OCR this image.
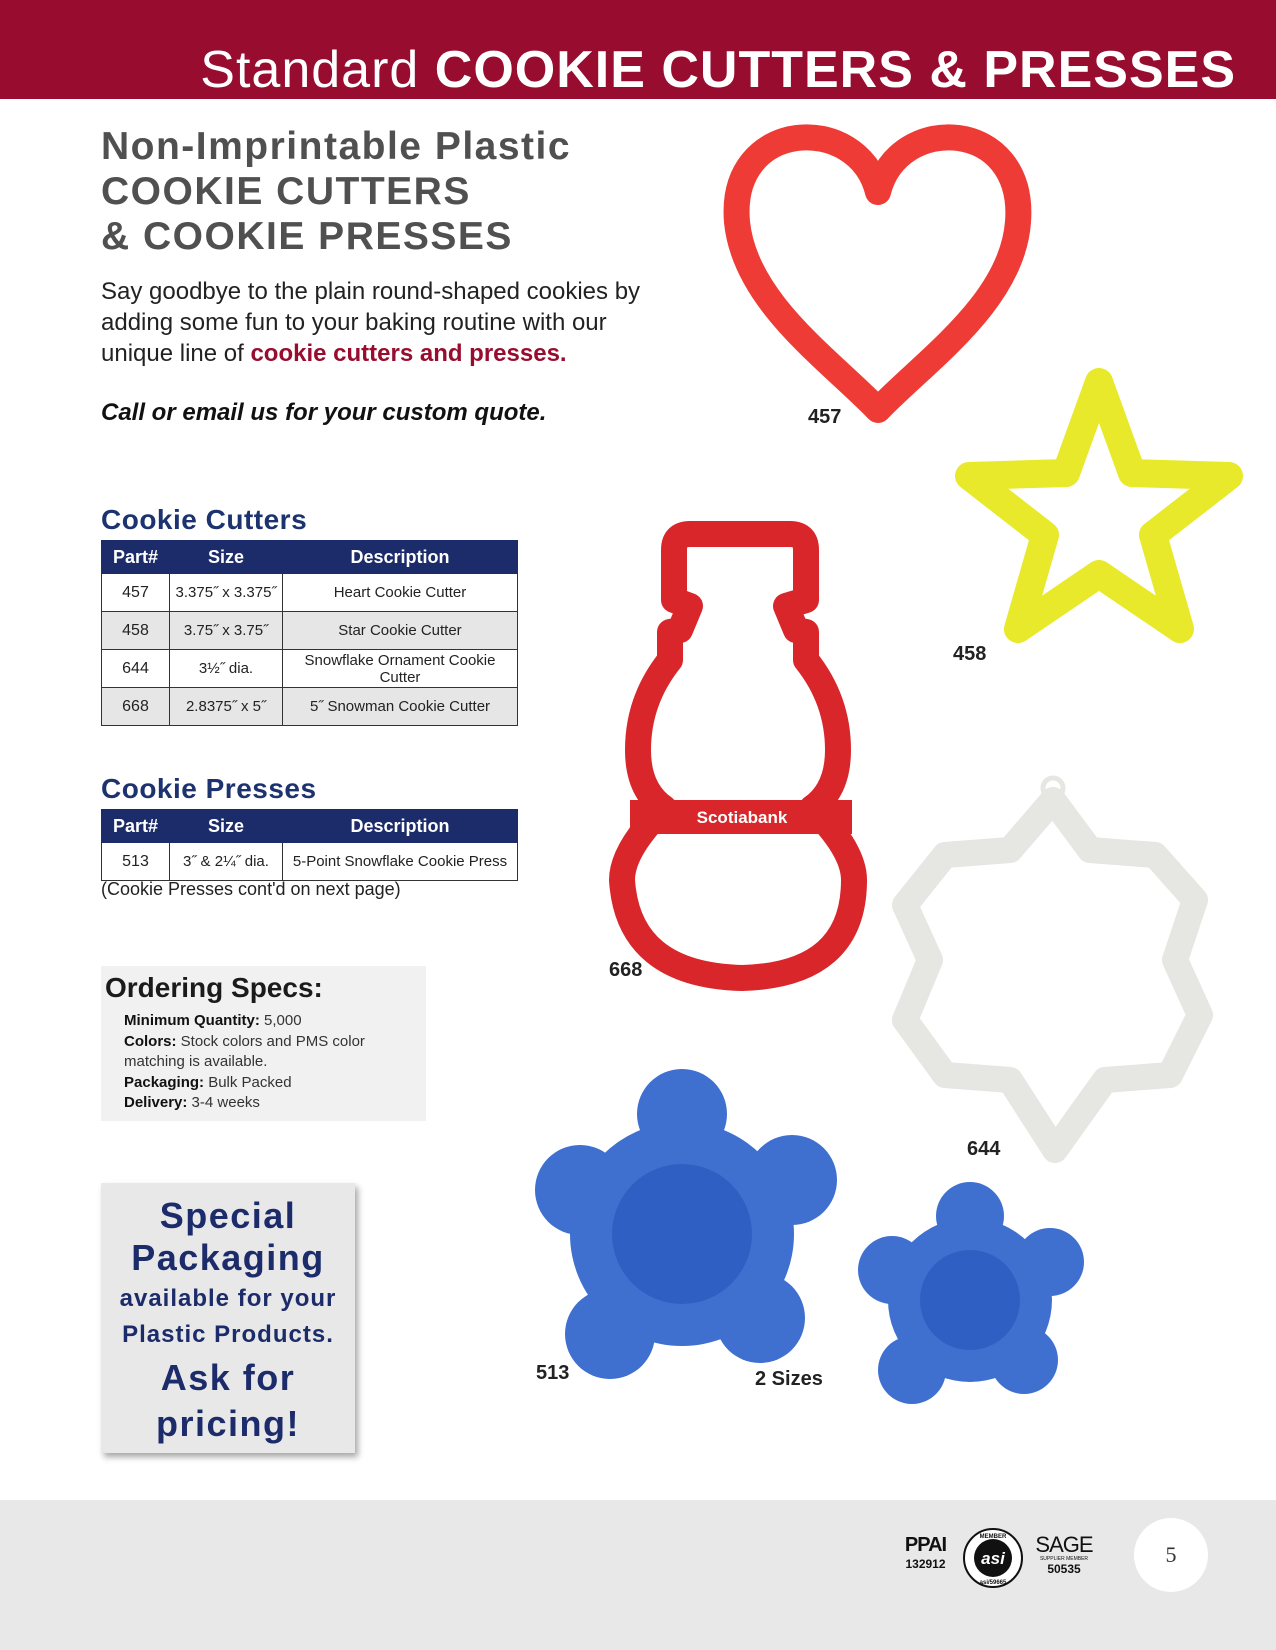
Standard COOKIE CUTTERS & PRESSES
Non-Imprintable Plastic
COOKIE CUTTERS
& COOKIE PRESSES

Say goodbye to the plain round-shaped cookies by adding some fun to your baking routine with our unique line of cookie cutters and presses.

Call or email us for your custom quote.
Cookie Cutters
Part#	Size	Description
457	3.375˝ x 3.375˝	Heart Cookie Cutter
458	3.75˝ x 3.75˝	Star Cookie Cutter
644	3½˝ dia.	Snowflake Ornament Cookie Cutter
668	2.8375˝ x 5˝	5˝ Snowman Cookie Cutter
Cookie Presses
Part#	Size	Description
513	3˝ & 2¼˝ dia.	5-Point Snowflake Cookie Press
(Cookie Presses cont'd on next page)
Ordering Specs:
Minimum Quantity: 5,000
Colors: Stock colors and PMS color
matching is available.
Packaging: Bulk Packed
Delivery: 3-4 weeks
Special
Packaging
available for your
Plastic Products.
Ask for
pricing!
Scotiabank
457
458
668
644
513	2 Sizes
PPAI
132912
MEMBER
asi
asi/59665
SAGE
SUPPLIER MEMBER
50535
5
